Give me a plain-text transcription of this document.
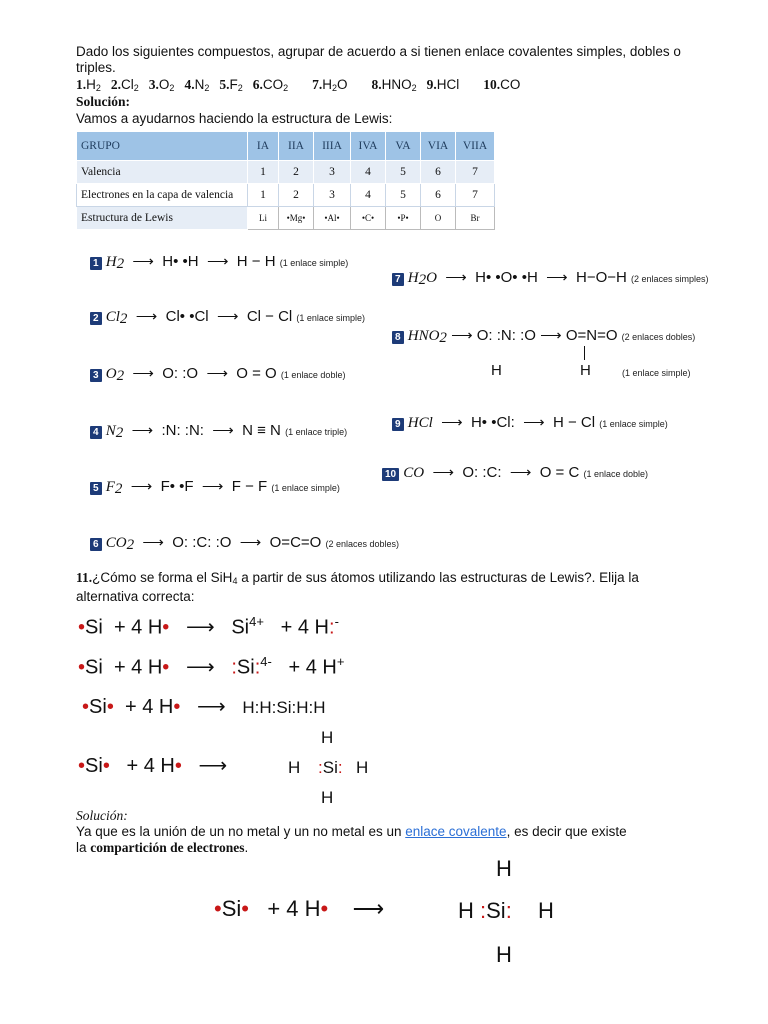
Dado los siguientes compuestos, agrupar de acuerdo a si tienen enlace covalentes simples, dobles o
triples.
$1.H_2$ $2.Cl_2$ $3.O_2$ $4.N_2$ $5.F_2$ $6.CO_2$ $7.H_2O$ $8.HNO_2$ 9.HCl 10.CO
Solución:
Vamos a ayudarnos haciendo la estructura de Lewis:
GRUPO	IA	IIA	IIIA	IVA	VA	VIA	VIIA
Valencia	1	2	3	4	5	6	7
Electrones en la capa de valencia	1	2	3	4	5	6	7
Estructura de Lewis	Li	•Mg•	•Al•	•C•	•P•	O	Br
1 H2  ⟶  H• •H  ⟶  H − H (1 enlace simple)
2 Cl2  ⟶  Cl• •Cl  ⟶  Cl − Cl (1 enlace simple)
3 O2  ⟶  O: :O  ⟶  O = O (1 enlace doble)
4 N2  ⟶  :N: :N:  ⟶  N ≡ N (1 enlace triple)
5 F2  ⟶  F• •F  ⟶  F − F (1 enlace simple)
6 CO2  ⟶  O: :C: :O  ⟶  O=C=O (2 enlaces dobles)
7 H2O  ⟶  H• •O• •H  ⟶  H−O−H (2 enlaces simples)
8 HNO2 ⟶ O: :N: :O ⟶ O=N=O (2 enlaces dobles)
H	H	(1 enlace simple)
9 HCl  ⟶  H• •Cl:  ⟶  H − Cl (1 enlace simple)
10 CO  ⟶  O: :C:  ⟶  O = C (1 enlace doble)
11.¿Cómo se forma el SiH$_4$ a partir de sus átomos utilizando las estructuras de Lewis?. Elija la
alternativa correcta:
•Si + 4 H•   ⟶   $Si^{4+} + 4$ H:-
•Si + 4 H•   ⟶   :Si:$^{4-}$ + 4 H+
•Si• + 4 H•   ⟶   H:H:Si:H:H
•Si• + 4 H•   ⟶
H
H :Si: H
H
Solución:
Ya que es la unión de un no metal y un no metal es un enlace covalente, es decir que existe
la compartición de electrones.
•Si• + 4 H•    ⟶
H
H :Si: H
H
